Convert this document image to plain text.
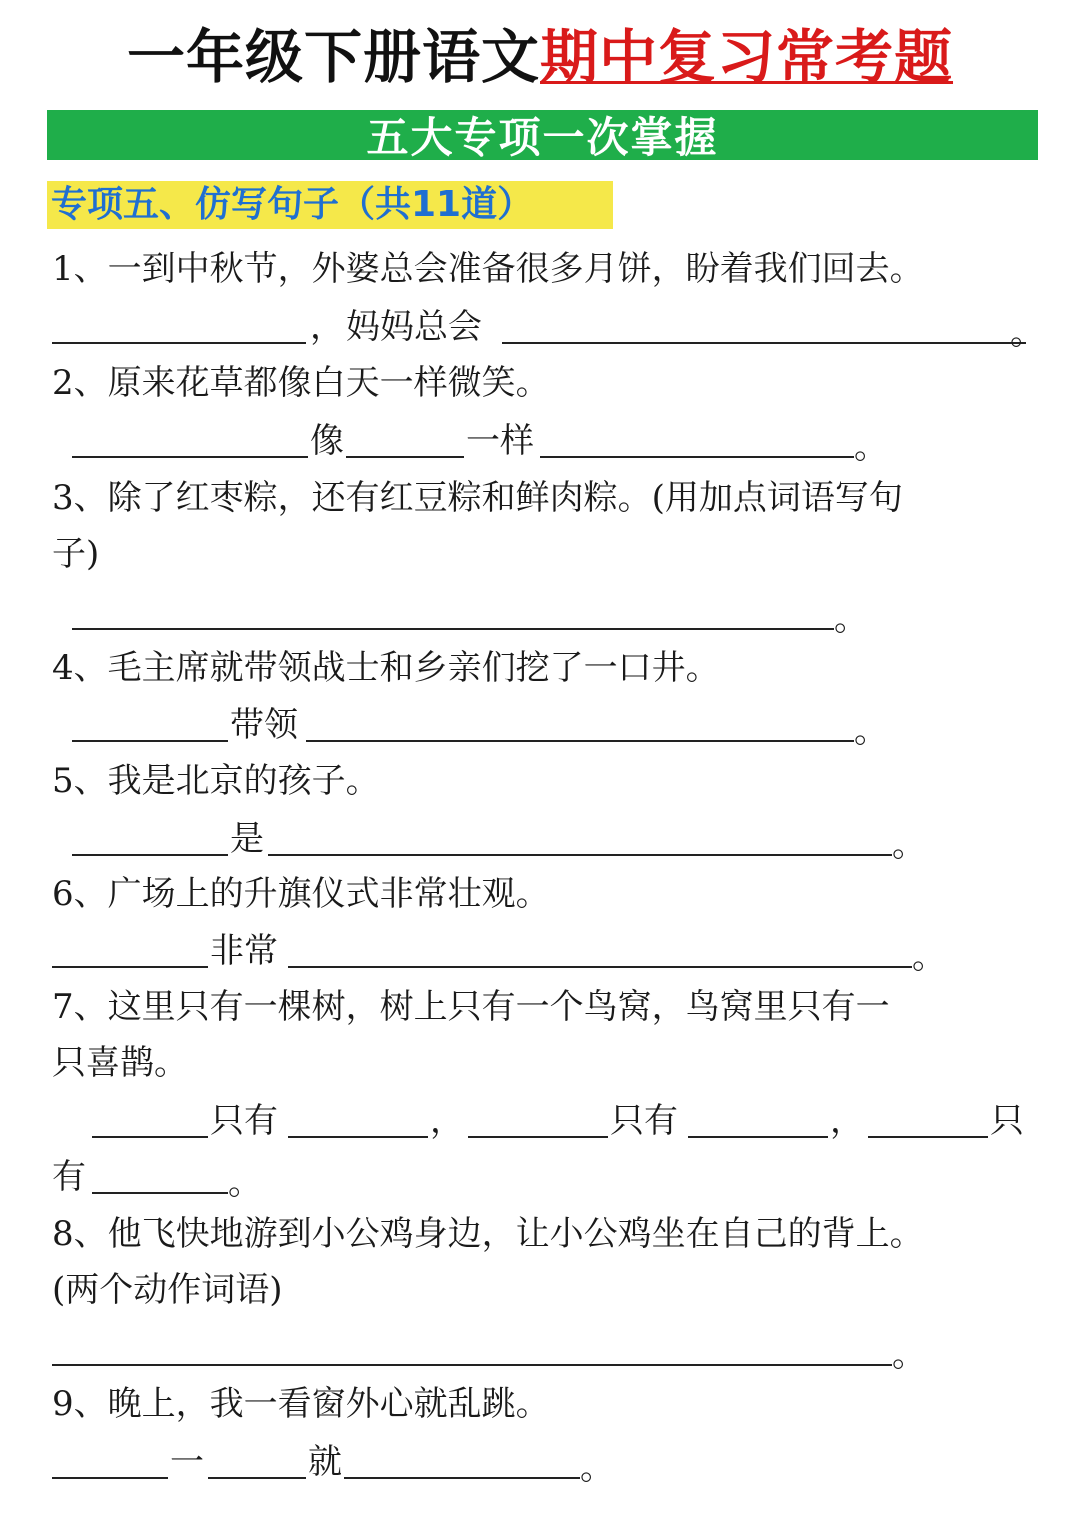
一年级下册语文期中复习常考题
五大专项一次掌握
专项五、仿写句子（共11道）
1、一到中秋节，外婆总会准备很多月饼，盼着我们回去。
， 妈妈总会	。
2、原来花草都像白天一样微笑。
像	一样	。
3、除了红枣粽，还有红豆粽和鲜肉粽。(用加点词语写句
子)
。
4、毛主席就带领战士和乡亲们挖了一口井。
带领	。
5、我是北京的孩子。
是	。
6、广场上的升旗仪式非常壮观。
非常	。
7、这里只有一棵树，树上只有一个鸟窝，鸟窝里只有一
只喜鹊。
只有	，	只有	，	只
有	。
8、他飞快地游到小公鸡身边，让小公鸡坐在自己的背上。
(两个动作词语)
。
9、晚上，我一看窗外心就乱跳。
一	就	。
